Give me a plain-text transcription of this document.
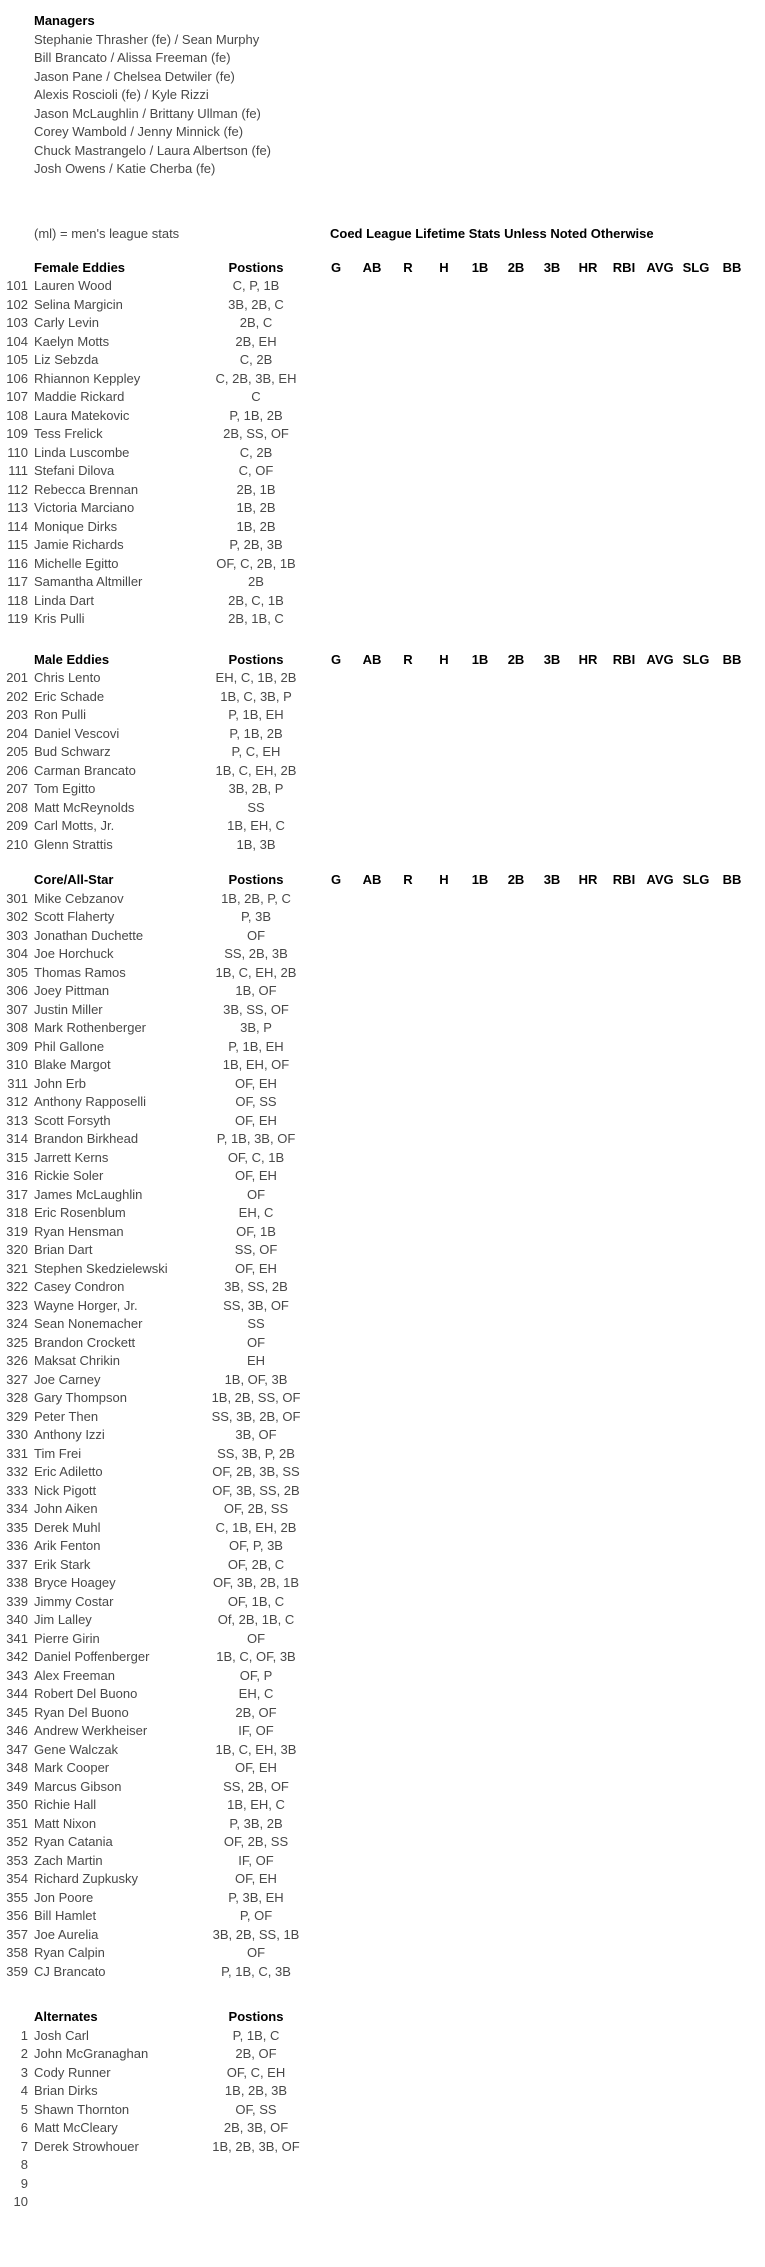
Managers
Stephanie Thrasher (fe) / Sean Murphy
Bill Brancato / Alissa Freeman (fe)
Jason Pane / Chelsea Detwiler (fe)
Alexis Roscioli (fe) / Kyle Rizzi
Jason McLaughlin / Brittany Ullman (fe)
Corey Wambold / Jenny Minnick (fe)
Chuck Mastrangelo / Laura Albertson (fe)
Josh Owens / Katie Cherba (fe)
(ml) = men's league stats	Coed League Lifetime Stats Unless Noted Otherwise
Female Eddies	Postions	G	AB	R	H	1B	2B	3B	HR	RBI AVG SLG	BB
101 Lauren Wood	C, P, 1B
102 Selina Margicin	3B, 2B, C
103 Carly Levin	2B, C
104 Kaelyn Motts	2B, EH
105 Liz Sebzda	C, 2B
106 Rhiannon Keppley	C, 2B, 3B, EH
107 Maddie Rickard	C
108 Laura Matekovic	P, 1B, 2B
109 Tess Frelick	2B, SS, OF
110 Linda Luscombe	C, 2B
111 Stefani Dilova	C, OF
112 Rebecca Brennan	2B, 1B
113 Victoria Marciano	1B, 2B
114 Monique Dirks	1B, 2B
115 Jamie Richards	P, 2B, 3B
116 Michelle Egitto	OF, C, 2B, 1B
117 Samantha Altmiller	2B
118 Linda Dart	2B, C, 1B
119 Kris Pulli	2B, 1B, C
Male Eddies	Postions	G	AB	R	H	1B	2B	3B	HR	RBI AVG SLG	BB
201 Chris Lento	EH, C, 1B, 2B
202 Eric Schade	1B, C, 3B, P
203 Ron Pulli	P, 1B, EH
204 Daniel Vescovi	P, 1B, 2B
205 Bud Schwarz	P, C, EH
206 Carman Brancato	1B, C, EH, 2B
207 Tom Egitto	3B, 2B, P
208 Matt McReynolds	SS
209 Carl Motts, Jr.	1B, EH, C
210 Glenn Strattis	1B, 3B
Core/All-Star	Postions	G	AB	R	H	1B	2B	3B	HR	RBI AVG SLG	BB
301 Mike Cebzanov	1B, 2B, P, C
302 Scott Flaherty	P, 3B
303 Jonathan Duchette	OF
304 Joe Horchuck	SS, 2B, 3B
305 Thomas Ramos	1B, C, EH, 2B
306 Joey Pittman	1B, OF
307 Justin Miller	3B, SS, OF
308 Mark Rothenberger	3B, P
309 Phil Gallone	P, 1B, EH
310 Blake Margot	1B, EH, OF
311 John Erb	OF, EH
312 Anthony Rapposelli	OF, SS
313 Scott Forsyth	OF, EH
314 Brandon Birkhead	P, 1B, 3B, OF
315 Jarrett Kerns	OF, C, 1B
316 Rickie Soler	OF, EH
317 James McLaughlin	OF
318 Eric Rosenblum	EH, C
319 Ryan Hensman	OF, 1B
320 Brian Dart	SS, OF
321 Stephen Skedzielewski	OF, EH
322 Casey Condron	3B, SS, 2B
323 Wayne Horger, Jr.	SS, 3B, OF
324 Sean Nonemacher	SS
325 Brandon Crockett	OF
326 Maksat Chrikin	EH
327 Joe Carney	1B, OF, 3B
328 Gary Thompson	1B, 2B, SS, OF
329 Peter Then	SS, 3B, 2B, OF
330 Anthony Izzi	3B, OF
331 Tim Frei	SS, 3B, P, 2B
332 Eric Adiletto	OF, 2B, 3B, SS
333 Nick Pigott	OF, 3B, SS, 2B
334 John Aiken	OF, 2B, SS
335 Derek Muhl	C, 1B, EH, 2B
336 Arik Fenton	OF, P, 3B
337 Erik Stark	OF, 2B, C
338 Bryce Hoagey	OF, 3B, 2B, 1B
339 Jimmy Costar	OF, 1B, C
340 Jim Lalley	Of, 2B, 1B, C
341 Pierre Girin	OF
342 Daniel Poffenberger	1B, C, OF, 3B
343 Alex Freeman	OF, P
344 Robert Del Buono	EH, C
345 Ryan Del Buono	2B, OF
346 Andrew Werkheiser	IF, OF
347 Gene Walczak	1B, C, EH, 3B
348 Mark Cooper	OF, EH
349 Marcus Gibson	SS, 2B, OF
350 Richie Hall	1B, EH, C
351 Matt Nixon	P, 3B, 2B
352 Ryan Catania	OF, 2B, SS
353 Zach Martin	IF, OF
354 Richard Zupkusky	OF, EH
355 Jon Poore	P, 3B, EH
356 Bill Hamlet	P, OF
357 Joe Aurelia	3B, 2B, SS, 1B
358 Ryan Calpin	OF
359 CJ Brancato	P, 1B, C, 3B
Alternates	Postions
1 Josh Carl	P, 1B, C
2 John McGranaghan	2B, OF
3 Cody Runner	OF, C, EH
4 Brian Dirks	1B, 2B, 3B
5 Shawn Thornton	OF, SS
6 Matt McCleary	2B, 3B, OF
7 Derek Strowhouer	1B, 2B, 3B, OF
8
9
10
